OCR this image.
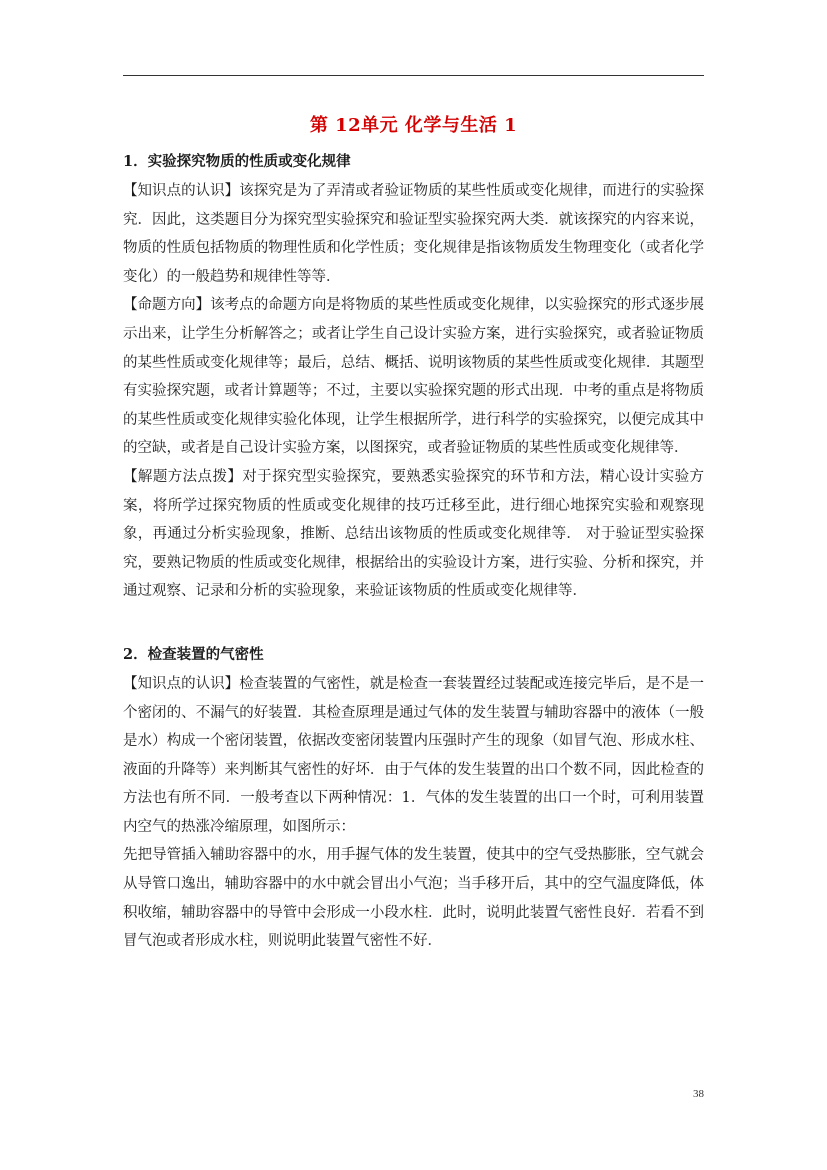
第 12单元 化学与生活 1

1．实验探究物质的性质或变化规律

【知识点的认识】该探究是为了弄清或者验证物质的某些性质或变化规律，而进行的实验探究．因此，这类题目分为探究型实验探究和验证型实验探究两大类．就该探究的内容来说，物质的性质包括物质的物理性质和化学性质；变化规律是指该物质发生物理变化（或者化学变化）的一般趋势和规律性等等．

【命题方向】该考点的命题方向是将物质的某些性质或变化规律，以实验探究的形式逐步展示出来，让学生分析解答之；或者让学生自己设计实验方案，进行实验探究，或者验证物质的某些性质或变化规律等；最后，总结、概括、说明该物质的某些性质或变化规律．其题型有实验探究题，或者计算题等；不过，主要以实验探究题的形式出现．中考的重点是将物质的某些性质或变化规律实验化体现，让学生根据所学，进行科学的实验探究，以便完成其中的空缺，或者是自己设计实验方案，以图探究，或者验证物质的某些性质或变化规律等．

【解题方法点拨】对于探究型实验探究，要熟悉实验探究的环节和方法，精心设计实验方案，将所学过探究物质的性质或变化规律的技巧迁移至此，进行细心地探究实验和观察现象，再通过分析实验现象，推断、总结出该物质的性质或变化规律等． 对于验证型实验探究，要熟记物质的性质或变化规律，根据给出的实验设计方案，进行实验、分析和探究，并通过观察、记录和分析的实验现象，来验证该物质的性质或变化规律等．

2．检查装置的气密性

【知识点的认识】检查装置的气密性，就是检查一套装置经过装配或连接完毕后，是不是一个密闭的、不漏气的好装置．其检查原理是通过气体的发生装置与辅助容器中的液体（一般是水）构成一个密闭装置，依据改变密闭装置内压强时产生的现象（如冒气泡、形成水柱、液面的升降等）来判断其气密性的好坏．由于气体的发生装置的出口个数不同，因此检查的方法也有所不同．一般考查以下两种情况：1．气体的发生装置的出口一个时，可利用装置内空气的热涨冷缩原理，如图所示：

先把导管插入辅助容器中的水，用手握气体的发生装置，使其中的空气受热膨胀，空气就会从导管口逸出，辅助容器中的水中就会冒出小气泡；当手移开后，其中的空气温度降低，体积收缩，辅助容器中的导管中会形成一小段水柱．此时，说明此装置气密性良好．若看不到冒气泡或者形成水柱，则说明此装置气密性不好．

38
